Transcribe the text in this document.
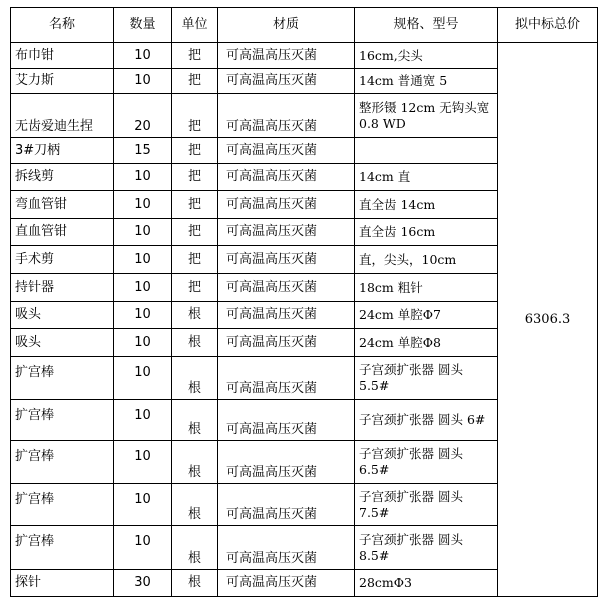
名称	数量	单位	材质	规格、型号	拟中标总价
布巾钳	10	把	可高温高压灭菌	16cm,尖头	6306.3
艾力斯	10	把	可高温高压灭菌	14cm 普通宽 5	
无齿爱迪生捏	20	把	可高温高压灭菌	整形镊 12cm 无钩头宽 0.8 WD	
3#刀柄	15	把	可高温高压灭菌		
拆线剪	10	把	可高温高压灭菌	14cm 直	
弯血管钳	10	把	可高温高压灭菌	直全齿 14cm	
直血管钳	10	把	可高温高压灭菌	直全齿 16cm	
手术剪	10	把	可高温高压灭菌	直，尖头，10cm	
持针器	10	把	可高温高压灭菌	18cm 粗针	
吸头	10	根	可高温高压灭菌	24cm 单腔Φ7	
吸头	10	根	可高温高压灭菌	24cm 单腔Φ8	
扩宫棒	10	根	可高温高压灭菌	子宫颈扩张器 圆头 5.5#	
扩宫棒	10	根	可高温高压灭菌	子宫颈扩张器 圆头 6#	
扩宫棒	10	根	可高温高压灭菌	子宫颈扩张器 圆头 6.5#	
扩宫棒	10	根	可高温高压灭菌	子宫颈扩张器 圆头 7.5#	
扩宫棒	10	根	可高温高压灭菌	子宫颈扩张器 圆头 8.5#	
探针	30	根	可高温高压灭菌	28cmΦ3	
